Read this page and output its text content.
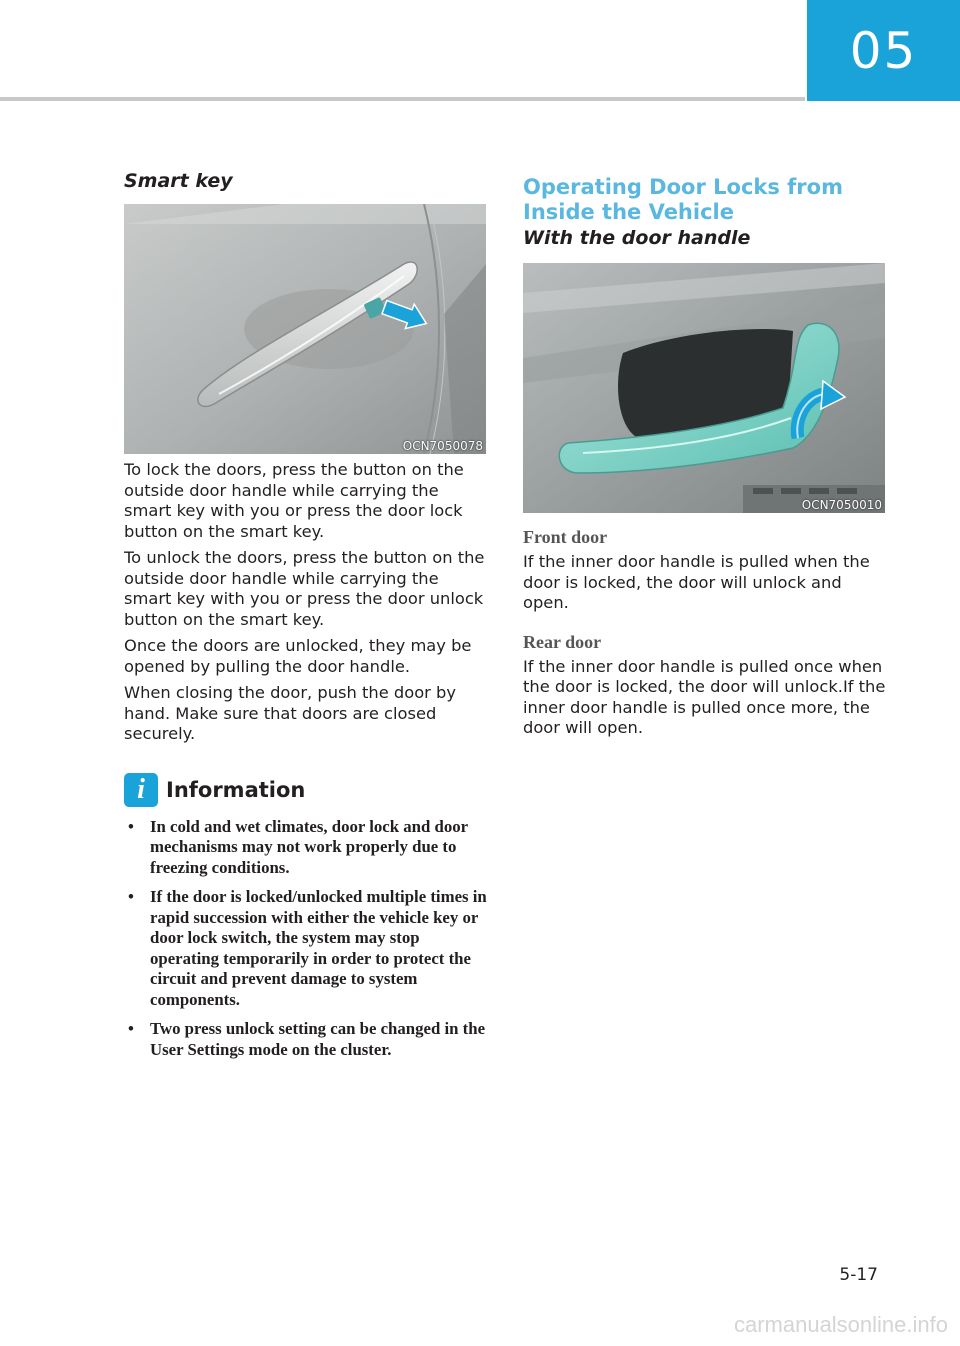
05
Smart key
OCN7050078

To lock the doors, press the button on the outside door handle while carrying the smart key with you or press the door lock button on the smart key.

To unlock the doors, press the button on the outside door handle while carrying the smart key with you or press the door unlock button on the smart key.

Once the doors are unlocked, they may be opened by pulling the door handle.

When closing the door, push the door by hand. Make sure that doors are closed securely.

i	Information
• In cold and wet climates, door lock and door mechanisms may not work properly due to freezing conditions.
• If the door is locked/unlocked multiple times in rapid succession with either the vehicle key or door lock switch, the system may stop operating temporarily in order to protect the circuit and prevent damage to system components.
• Two press unlock setting can be changed in the User Settings mode on the cluster.
Operating Door Locks from Inside the Vehicle
With the door handle
OCN7050010
Front door

If the inner door handle is pulled when the door is locked, the door will unlock and open.

Rear door

If the inner door handle is pulled once when the door is locked, the door will unlock.If the inner door handle is pulled once more, the door will open.

5-17
carmanualsonline.info
